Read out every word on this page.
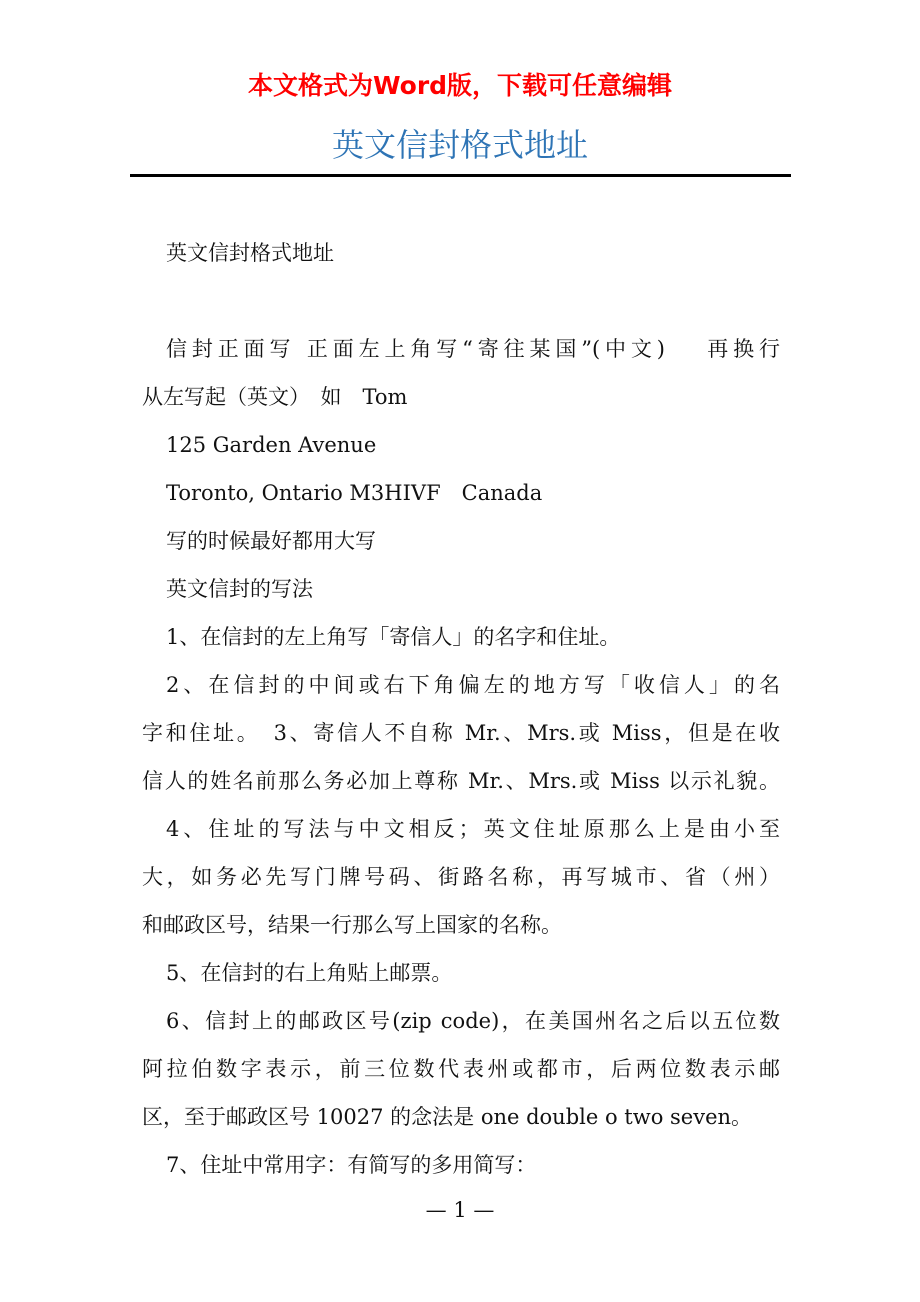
本文格式为Word版，下载可任意编辑
英文信封格式地址
英文信封格式地址
信封正面写 正面左上角写“寄往某国”(中文)　 再换行
从左写起（英文）　如　Tom
125 Garden Avenue
Toronto, Ontario M3HIVF　Canada
写的时候最好都用大写
英文信封的写法
1、在信封的左上角写「寄信人」的名字和住址。
2、在信封的中间或右下角偏左的地方写「收信人」的名
字和住址。　3、寄信人不自称 Mr.、Mrs.或 Miss，但是在收
信人的姓名前那么务必加上尊称 Mr.、Mrs.或 Miss 以示礼貌。
4、住址的写法与中文相反；英文住址原那么上是由小至
大，如务必先写门牌号码、街路名称，再写城市、省（州）
和邮政区号，结果一行那么写上国家的名称。
5、在信封的右上角贴上邮票。
6、信封上的邮政区号(zip code)，在美国州名之后以五位数
阿拉伯数字表示，前三位数代表州或都市，后两位数表示邮
区，至于邮政区号 10027 的念法是 one double o two seven。
7、住址中常用字：有简写的多用简写：
— 1 —
